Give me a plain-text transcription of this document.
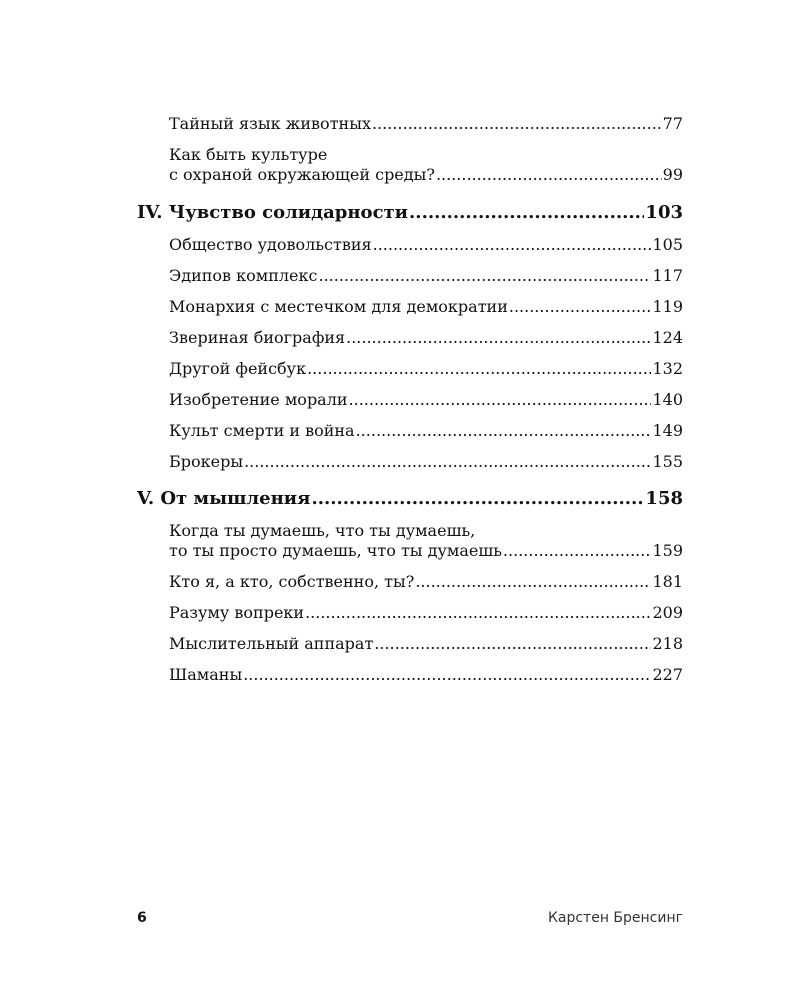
Тайный язык животных .....	77
Как быть культуре
с охраной окружающей среды? .....	99
IV. Чувство солидарности .....	103
Общество удовольствия .....	105
Эдипов комплекс .....	117
Монархия с местечком для демократии .....	119
Звериная биография .....	124
Другой фейсбук .....	132
Изобретение морали .....	140
Культ смерти и война .....	149
Брокеры .....	155
V. От мышления .....	158
Когда ты думаешь, что ты думаешь,
то ты просто думаешь, что ты думаешь .....	159
Кто я, а кто, собственно, ты? .....	181
Разуму вопреки .....	209
Мыслительный аппарат .....	218
Шаманы .....	227
6	Карстен Бренсинг
